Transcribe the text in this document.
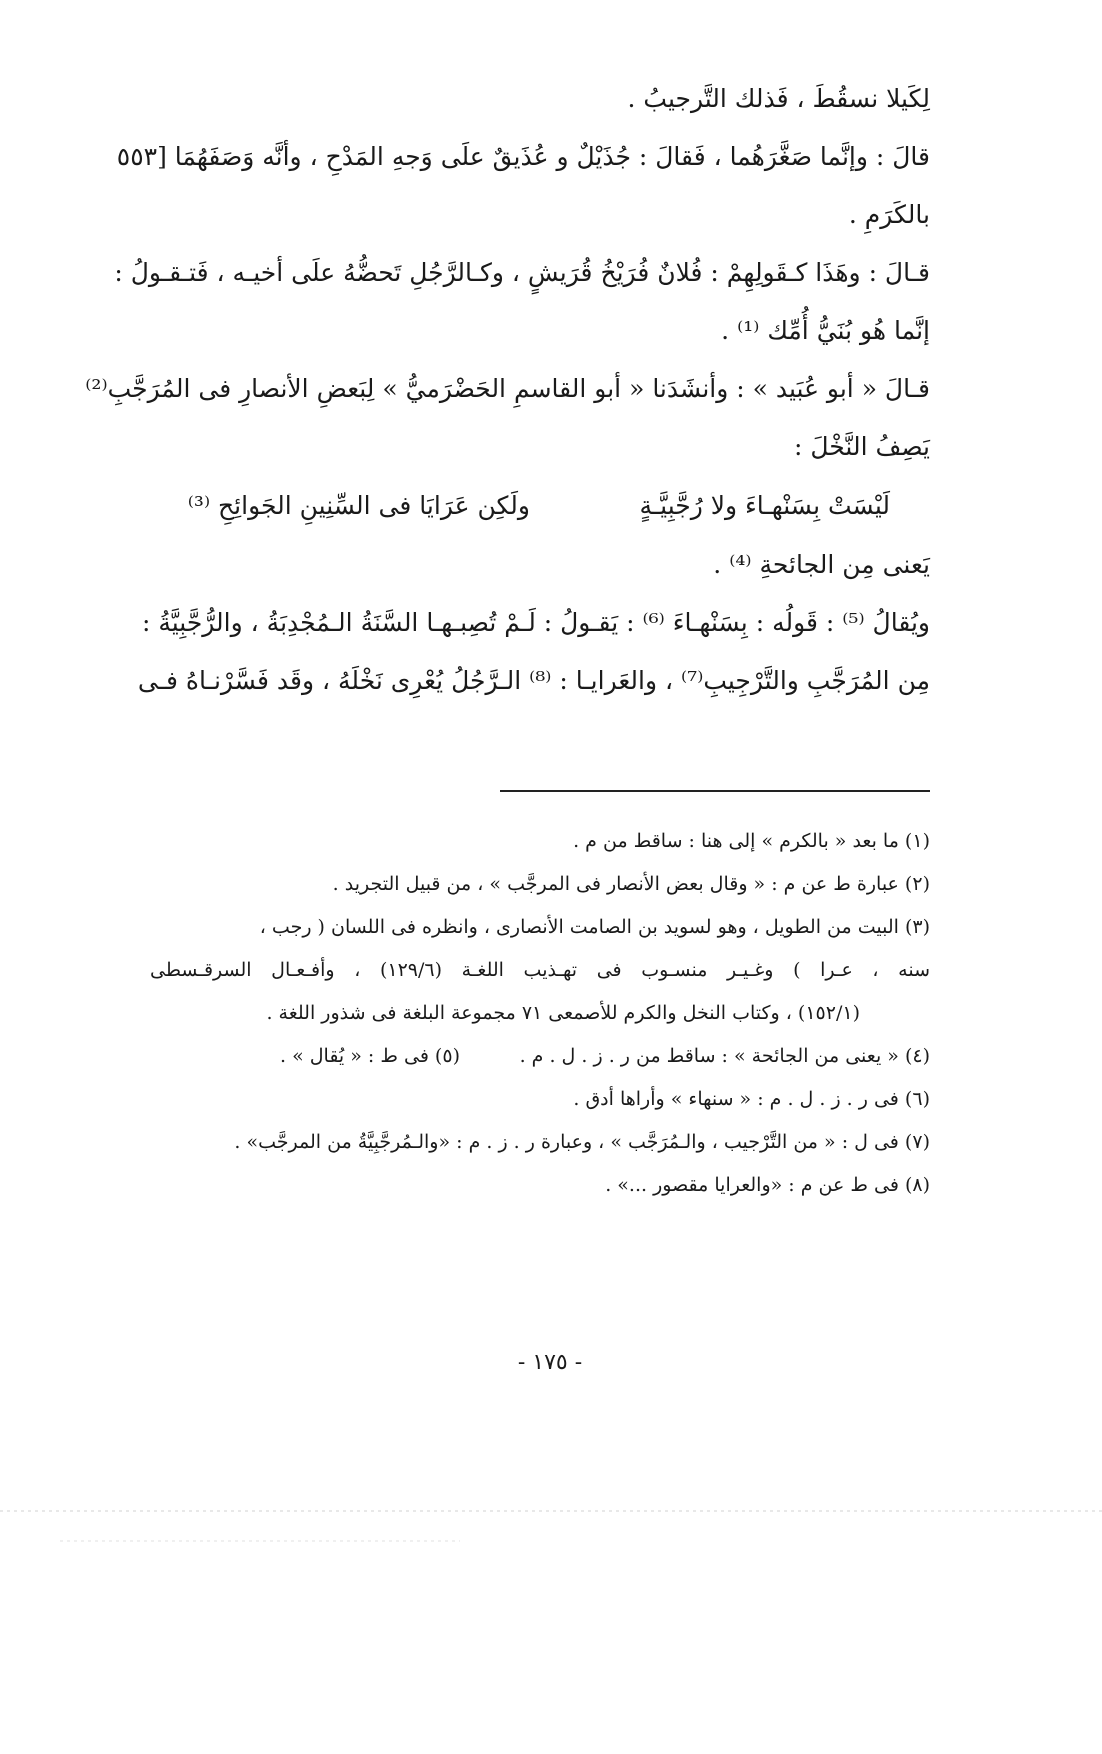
لِكَيلا نسقُطَ ، فَذلك التَّرجيبُ .
قالَ : وإنَّما صَغَّرَهُما ، فَقالَ : جُذَيْلٌ و عُذَيقٌ علَى وَجهِ المَدْحِ ، وأنَّه وَصَفَهُمَا [٥٥٣
بالكَرَمِ .
قـالَ : وهَذَا كـقَولِهِمْ : فُلانٌ فُرَيْخُ قُرَيشٍ ، وكـالرَّجُلِ تَحضُّهُ علَى أخيـه ، فَتـقـولُ :
إنَّما هُو بُنَيُّ أُمِّك ⁽¹⁾ .
قـالَ « أبو عُبَيد » : وأنشَدَنا « أبو القاسمِ الحَضْرَميُّ » لِبَعضِ الأنصارِ فى المُرَجَّبِ⁽²⁾
يَصِفُ النَّخْلَ :
لَيْسَتْ بِسَنْهـاءَ ولا رُجَّبِيَّـةٍ
ولَكِن عَرَايَا فى السِّنِينِ الجَوائِحِ ⁽³⁾
يَعنى مِن الجائحةِ ⁽⁴⁾ .
ويُقالُ ⁽⁵⁾ : قَولُه : بِسَنْهـاءَ ⁽⁶⁾ : يَقـولُ : لَـمْ تُصِبـهـا السَّنَةُ الـمُجْدِبَةُ ، والرُّجَّبِيَّةُ :
مِن المُرَجَّبِ والتَّرْجِيبِ⁽⁷⁾ ، والعَرايـا : ⁽⁸⁾ الـرَّجُلُ يُعْرِى نَخْلَهُ ، وقَد فَسَّرْنـاهُ فـى
(١) ما بعد « بالكرم » إلى هنا : ساقط من م .
(٢) عبارة ط عن م : « وقال بعض الأنصار فى المرجَّب » ، من قبيل التجريد .
(٣) البيت من الطويل ، وهو لسويد بن الصامت الأنصارى ، وانظره فى اللسان ( رجب ،
سنه ، عـرا ) وغـيـر منسـوب فى تهـذيب اللغـة (١٢٩/٦) ، وأفـعـال السرقـسطى
(١٥٢/١) ، وكتاب النخل والكرم للأصمعى ٧١ مجموعة البلغة فى شذور اللغة .
(٤) « يعنى من الجائحة » : ساقط من ر . ز . ل . م .
(٥) فى ط : « يُقال » .
(٦) فى ر . ز . ل . م : « سنهاء » وأراها أدق .
(٧) فى ل : « من التَّرْجيب ، والـمُرَجَّب » ، وعبارة ر . ز . م : «والـمُرجَّبِيَّةُ من المرجَّب» .
(٨) فى ط عن م : «والعرايا مقصور ...» .
- ١٧٥ -
